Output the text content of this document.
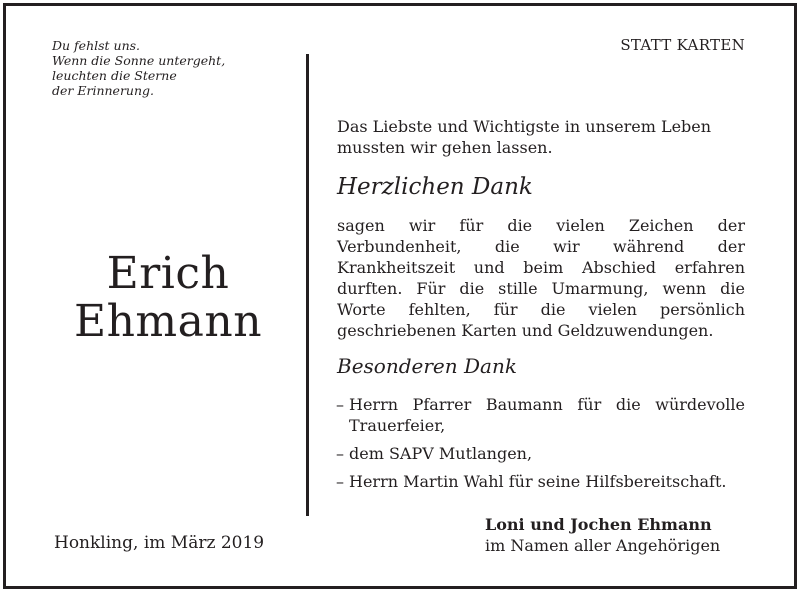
Du fehlst uns.
Wenn die Sonne untergeht,
leuchten die Sterne
der Erinnerung.
Erich
Ehmann
Honkling, im März 2019
STATT KARTEN
Das Liebste und Wichtigste in unserem Leben mussten wir gehen lassen.
Herzlichen Dank
sagen wir für die vielen Zeichen der Verbundenheit, die wir während der Krankheitszeit und beim Abschied erfahren durften. Für die stille Umarmung, wenn die Worte fehlten, für die vielen persönlich geschriebenen Karten und Geldzuwendungen.
Besonderen Dank
– Herrn Pfarrer Baumann für die würdevolle Trauerfeier,
– dem SAPV Mutlangen,
– Herrn Martin Wahl für seine Hilfsbereitschaft.
Loni und Jochen Ehmann
im Namen aller Angehörigen
